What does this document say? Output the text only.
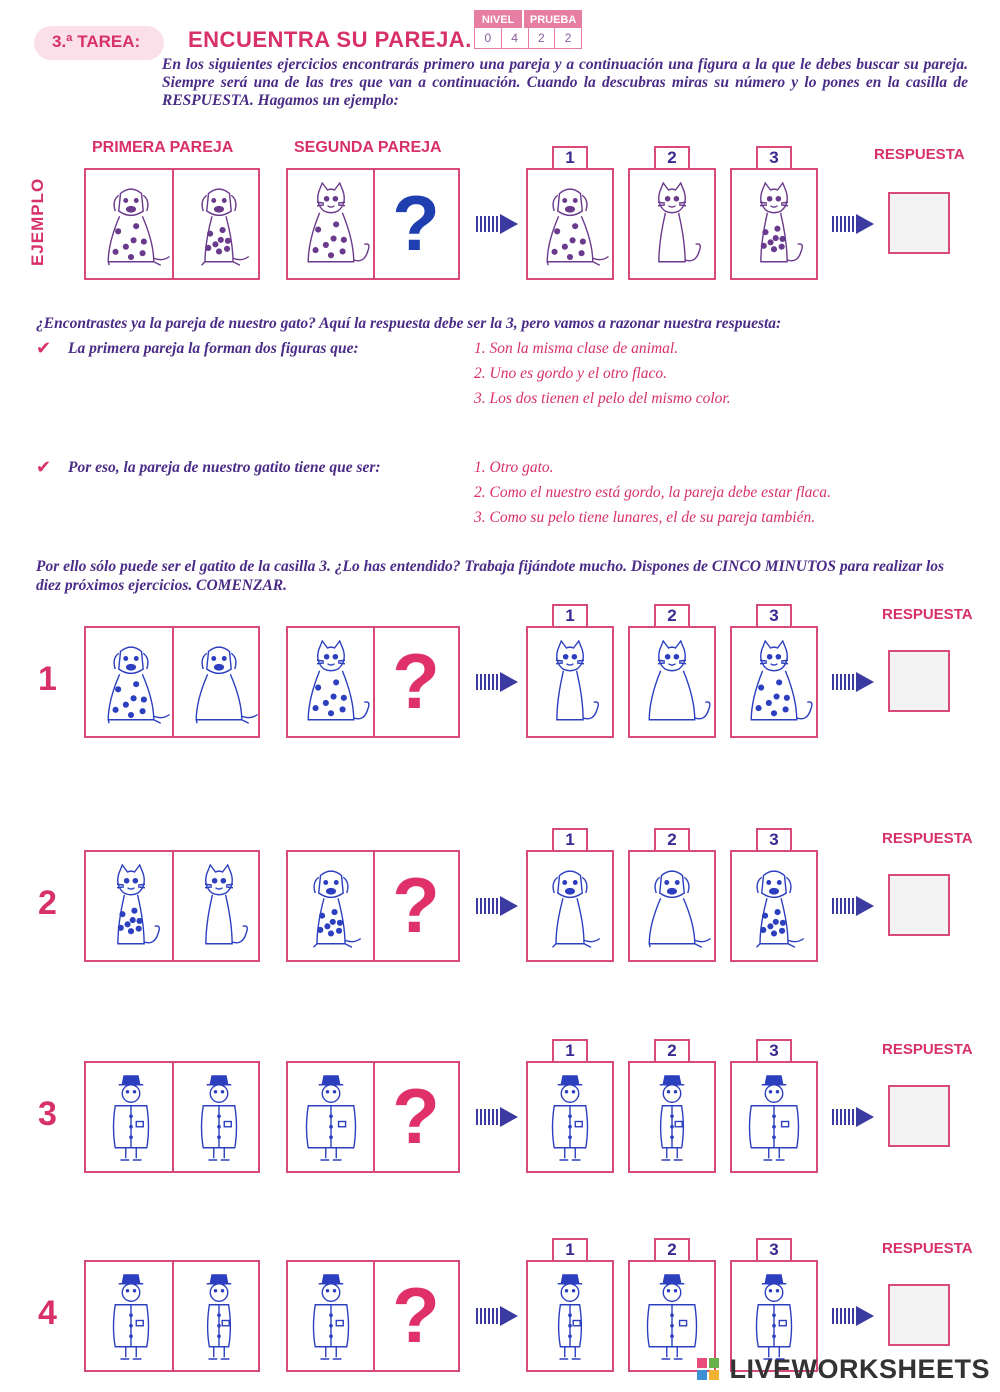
3.ª TAREA: ENCUENTRA SU PAREJA.
NIVEL	PRUEBA
0	4	2	2
En los siguientes ejercicios encontrarás primero una pareja y a continuación una figura a la que le debes buscar su pareja. Siempre será una de las tres que van a continuación. Cuando la descubras miras su número y lo pones en la casilla de RESPUESTA. Hagamos un ejemplo:
PRIMERA PAREJA	SEGUNDA PAREJA
EJEMPLO	?
1	2	3	RESPUESTA
¿Encontrastes ya la pareja de nuestro gato? Aquí la respuesta debe ser la 3, pero vamos a razonar nuestra respuesta:
✔ La primera pareja la forman dos figuras que:	1. Son la misma clase de animal.
2. Uno es gordo y el otro flaco.
3. Los dos tienen el pelo del mismo color.
✔ Por eso, la pareja de nuestro gatito tiene que ser:	1. Otro gato.
2. Como el nuestro está gordo, la pareja debe estar flaca.
3. Como su pelo tiene lunares, el de su pareja también.
Por ello sólo puede ser el gatito de la casilla 3. ¿Lo has entendido? Trabaja fijándote mucho. Dispones de CINCO MINUTOS para realizar los diez próximos ejercicios. COMENZAR.
?
1	2	3	RESPUESTA
1
?
1	2	3	RESPUESTA
2
?
1	2	3	RESPUESTA
3
?
1	2	3	RESPUESTA
4
LIVEWORKSHEETS
